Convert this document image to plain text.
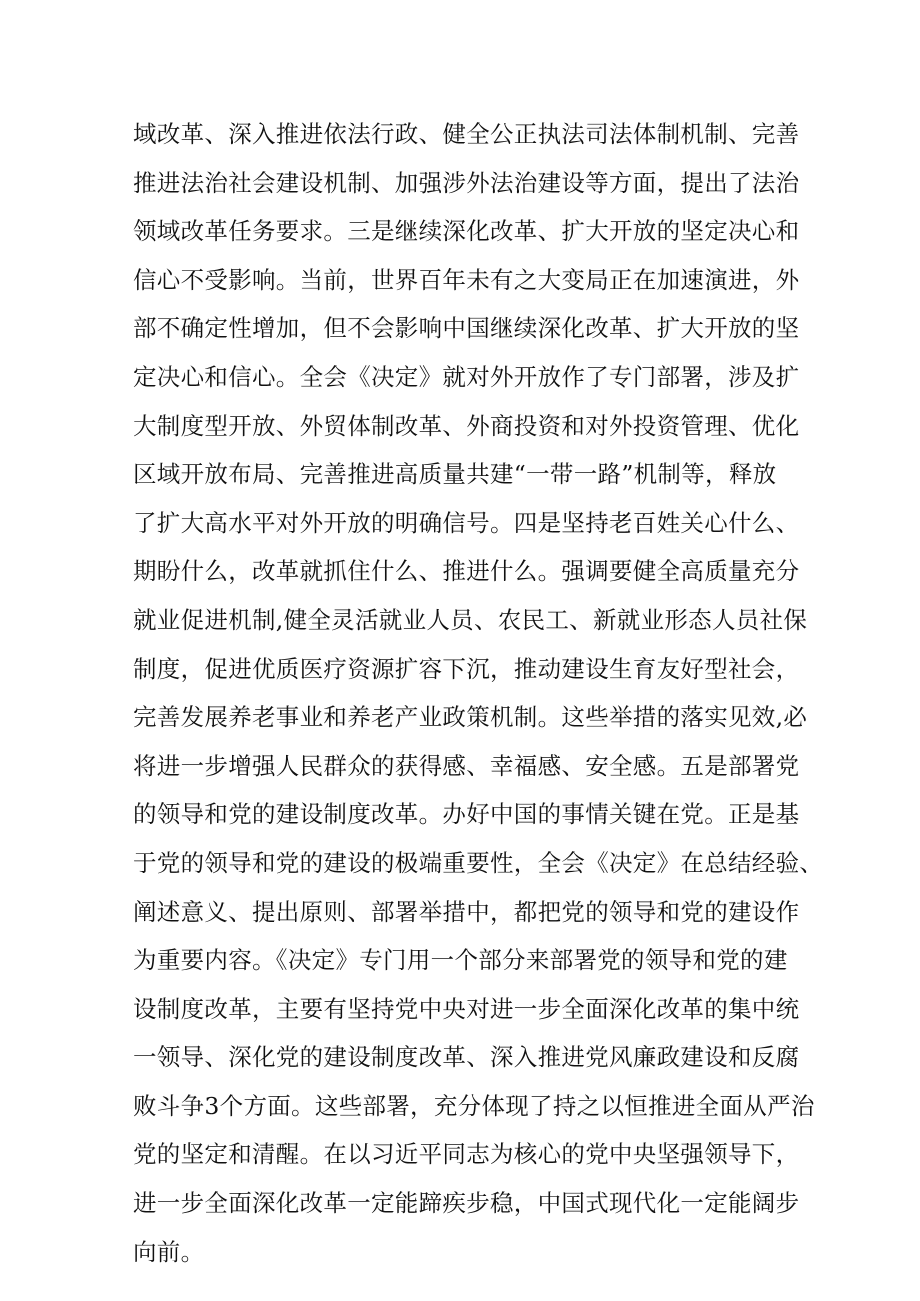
域改革、深入推进依法行政、健全公正执法司法体制机制、完善
推进法治社会建设机制、加强涉外法治建设等方面，提出了法治
领域改革任务要求。三是继续深化改革、扩大开放的坚定决心和
信心不受影响。当前，世界百年未有之大变局正在加速演进，外
部不确定性增加，但不会影响中国继续深化改革、扩大开放的坚
定决心和信心。全会《决定》就对外开放作了专门部署，涉及扩
大制度型开放、外贸体制改革、外商投资和对外投资管理、优化
区域开放布局、完善推进高质量共建“一带一路”机制等，释放
了扩大高水平对外开放的明确信号。四是坚持老百姓关心什么、
期盼什么，改革就抓住什么、推进什么。强调要健全高质量充分
就业促进机制,健全灵活就业人员、农民工、新就业形态人员社保
制度，促进优质医疗资源扩容下沉，推动建设生育友好型社会，
完善发展养老事业和养老产业政策机制。这些举措的落实见效,必
将进一步增强人民群众的获得感、幸福感、安全感。五是部署党
的领导和党的建设制度改革。办好中国的事情关键在党。正是基
于党的领导和党的建设的极端重要性，全会《决定》在总结经验、
阐述意义、提出原则、部署举措中，都把党的领导和党的建设作
为重要内容。《决定》专门用一个部分来部署党的领导和党的建
设制度改革，主要有坚持党中央对进一步全面深化改革的集中统
一领导、深化党的建设制度改革、深入推进党风廉政建设和反腐
败斗争3个方面。这些部署，充分体现了持之以恒推进全面从严治
党的坚定和清醒。在以习近平同志为核心的党中央坚强领导下，
进一步全面深化改革一定能蹄疾步稳，中国式现代化一定能阔步
向前。
